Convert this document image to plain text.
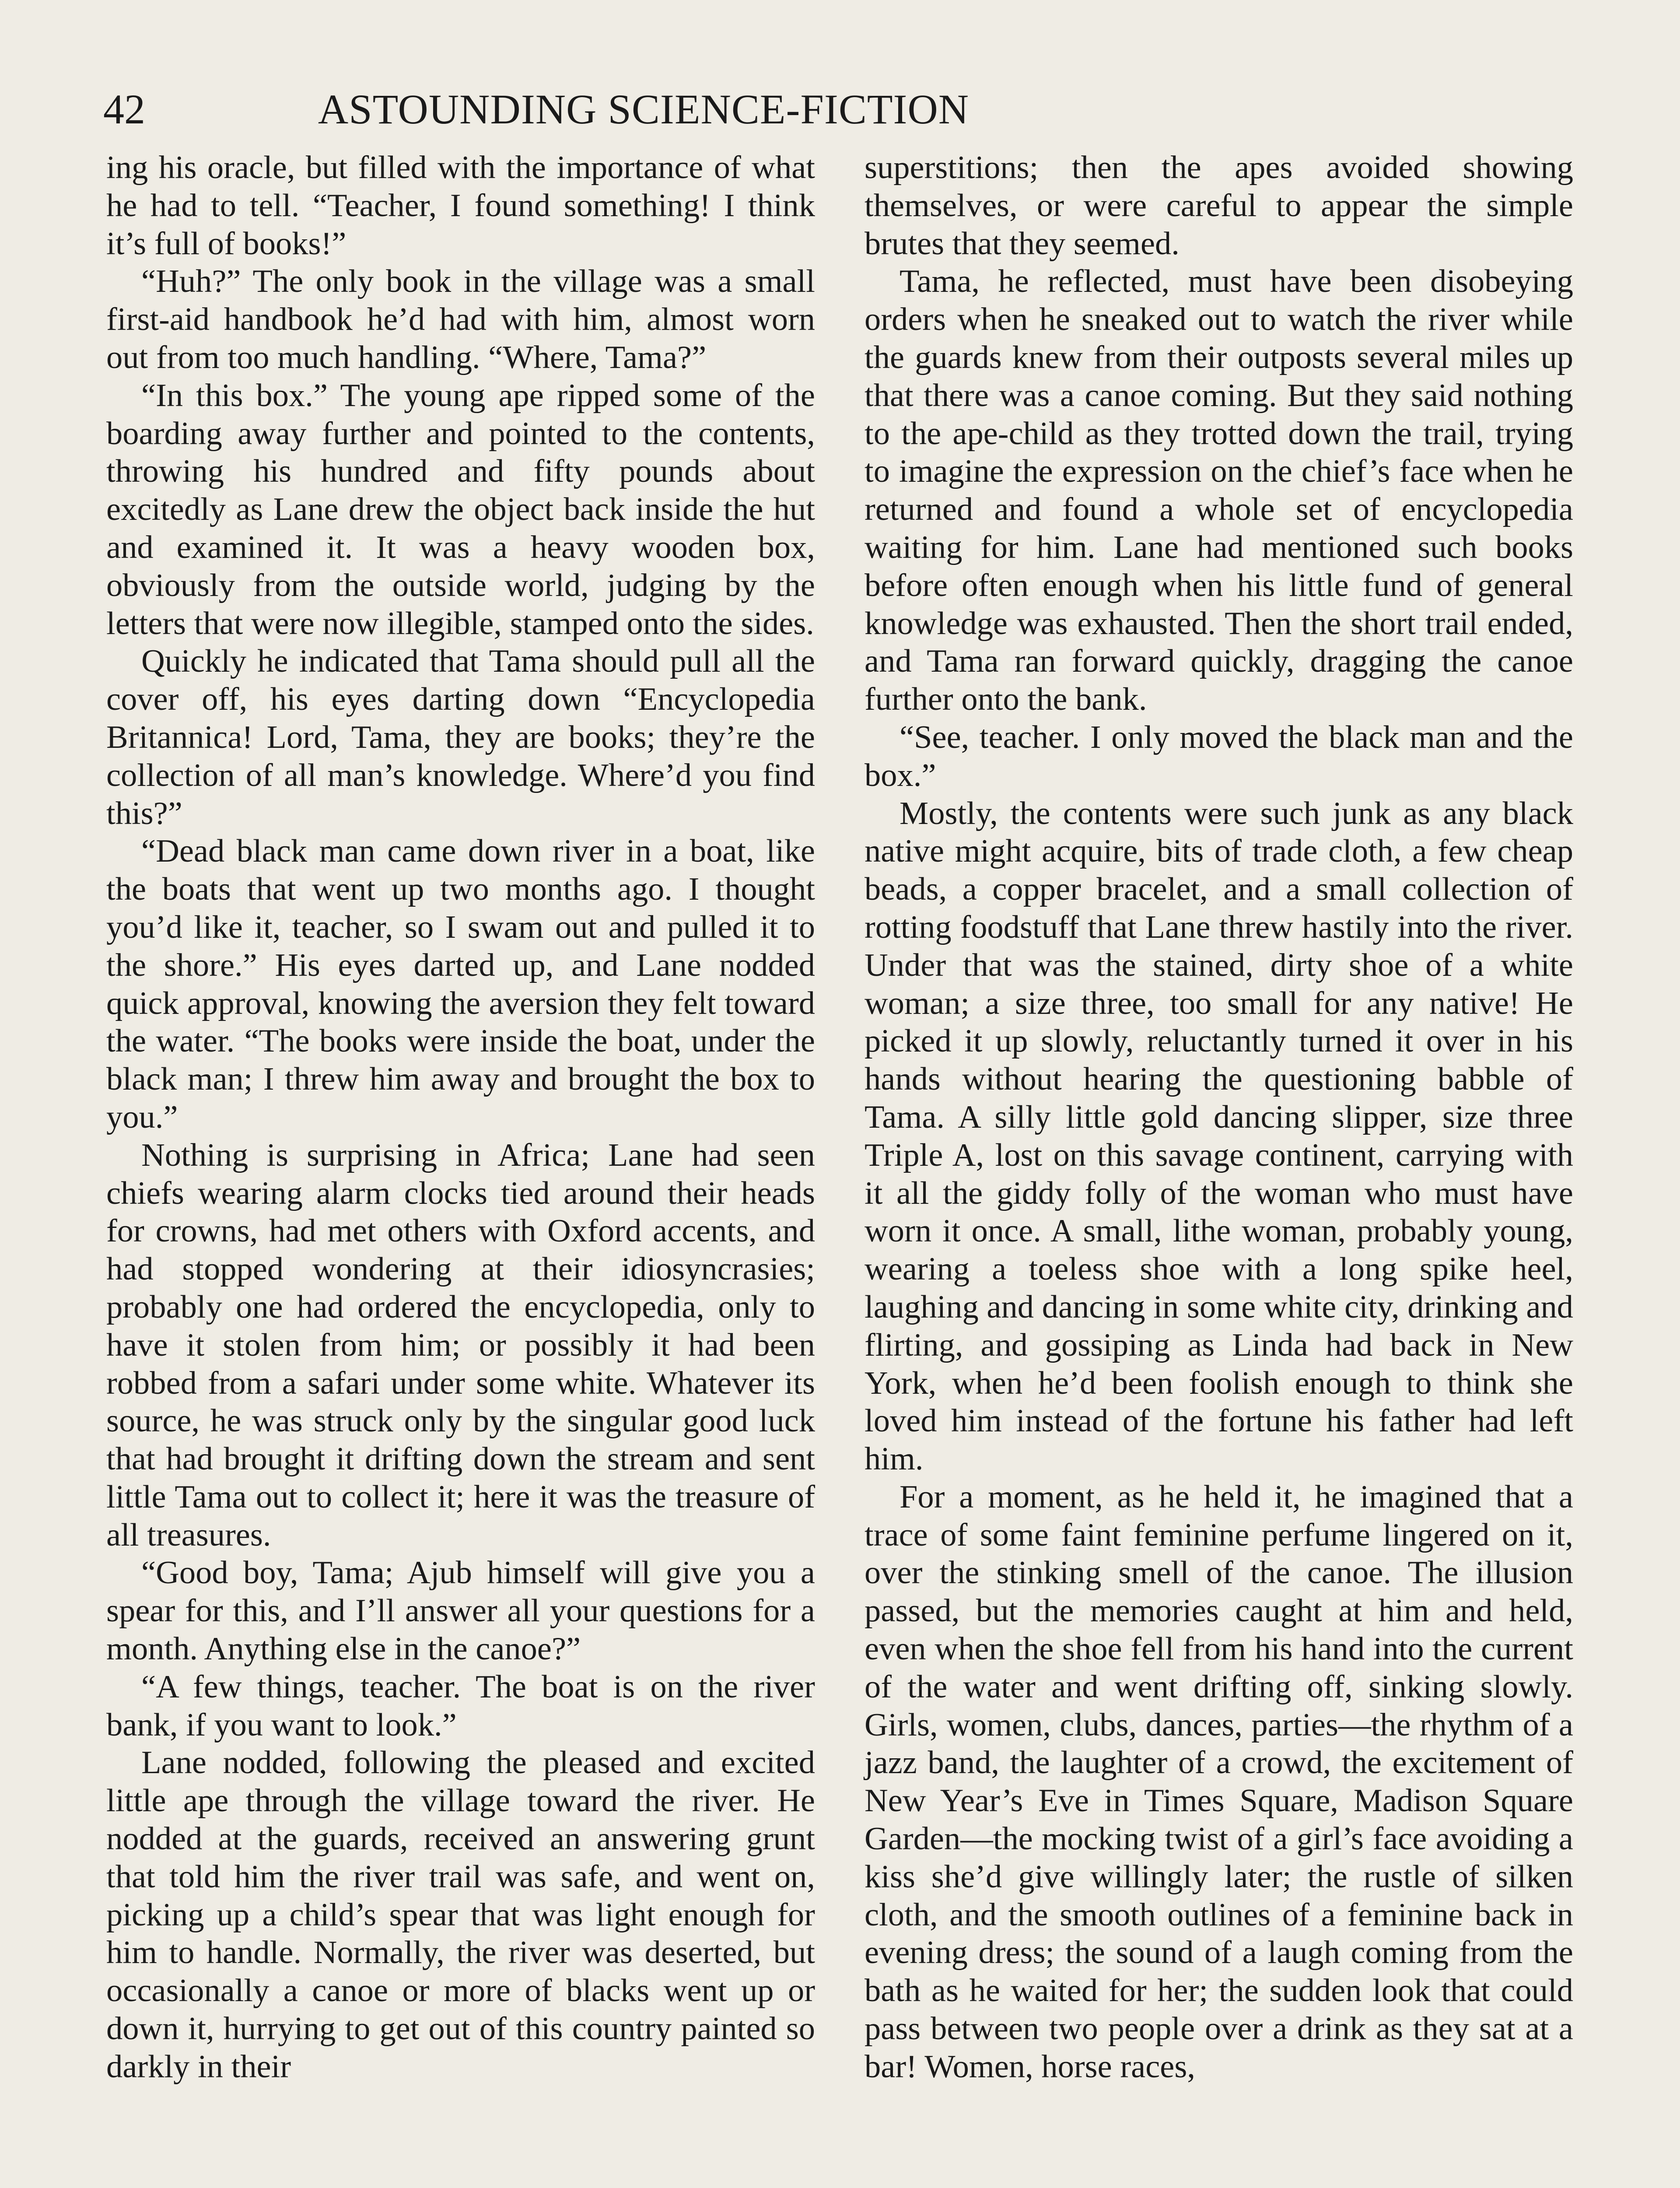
42	ASTOUNDING SCIENCE-FICTION

ing his oracle, but filled with the importance of what he had to tell. “Teacher, I found something! I think it’s full of books!”

“Huh?” The only book in the village was a small first-aid handbook he’d had with him, almost worn out from too much handling. “Where, Tama?”

“In this box.” The young ape ripped some of the boarding away further and pointed to the contents, throwing his hundred and fifty pounds about excitedly as Lane drew the object back inside the hut and examined it. It was a heavy wooden box, obviously from the outside world, judging by the letters that were now illegible, stamped onto the sides.

Quickly he indicated that Tama should pull all the cover off, his eyes darting down “Encyclopedia Britannica! Lord, Tama, they are books; they’re the collection of all man’s knowledge. Where’d you find this?”

“Dead black man came down river in a boat, like the boats that went up two months ago. I thought you’d like it, teacher, so I swam out and pulled it to the shore.” His eyes darted up, and Lane nodded quick approval, knowing the aversion they felt toward the water. “The books were inside the boat, under the black man; I threw him away and brought the box to you.”

Nothing is surprising in Africa; Lane had seen chiefs wearing alarm clocks tied around their heads for crowns, had met others with Oxford accents, and had stopped wondering at their idiosyncrasies; probably one had ordered the encyclopedia, only to have it stolen from him; or possibly it had been robbed from a safari under some white. Whatever its source, he was struck only by the singular good luck that had brought it drifting down the stream and sent little Tama out to collect it; here it was the treasure of all treasures.

“Good boy, Tama; Ajub himself will give you a spear for this, and I’ll answer all your questions for a month. Anything else in the canoe?”

“A few things, teacher. The boat is on the river bank, if you want to look.”

Lane nodded, following the pleased and excited little ape through the village toward the river. He nodded at the guards, received an answering grunt that told him the river trail was safe, and went on, picking up a child’s spear that was light enough for him to handle. Normally, the river was deserted, but occasionally a canoe or more of blacks went up or down it, hurrying to get out of this country painted so darkly in their

superstitions; then the apes avoided showing themselves, or were careful to appear the simple brutes that they seemed.

Tama, he reflected, must have been disobeying orders when he sneaked out to watch the river while the guards knew from their outposts several miles up that there was a canoe coming. But they said nothing to the ape-child as they trotted down the trail, trying to imagine the expression on the chief’s face when he returned and found a whole set of encyclopedia waiting for him. Lane had mentioned such books before often enough when his little fund of general knowledge was exhausted. Then the short trail ended, and Tama ran forward quickly, dragging the canoe further onto the bank.

“See, teacher. I only moved the black man and the box.”

Mostly, the contents were such junk as any black native might acquire, bits of trade cloth, a few cheap beads, a copper bracelet, and a small collection of rotting foodstuff that Lane threw hastily into the river. Under that was the stained, dirty shoe of a white woman; a size three, too small for any native! He picked it up slowly, reluctantly turned it over in his hands without hearing the questioning babble of Tama. A silly little gold dancing slipper, size three Triple A, lost on this savage continent, carrying with it all the giddy folly of the woman who must have worn it once. A small, lithe woman, probably young, wearing a toeless shoe with a long spike heel, laughing and dancing in some white city, drinking and flirting, and gossiping as Linda had back in New York, when he’d been foolish enough to think she loved him instead of the fortune his father had left him.

For a moment, as he held it, he imagined that a trace of some faint feminine perfume lingered on it, over the stinking smell of the canoe. The illusion passed, but the memories caught at him and held, even when the shoe fell from his hand into the current of the water and went drifting off, sinking slowly. Girls, women, clubs, dances, parties—the rhythm of a jazz band, the laughter of a crowd, the excitement of New Year’s Eve in Times Square, Madison Square Garden—the mocking twist of a girl’s face avoiding a kiss she’d give willingly later; the rustle of silken cloth, and the smooth outlines of a feminine back in evening dress; the sound of a laugh coming from the bath as he waited for her; the sudden look that could pass between two people over a drink as they sat at a bar! Women, horse races,
